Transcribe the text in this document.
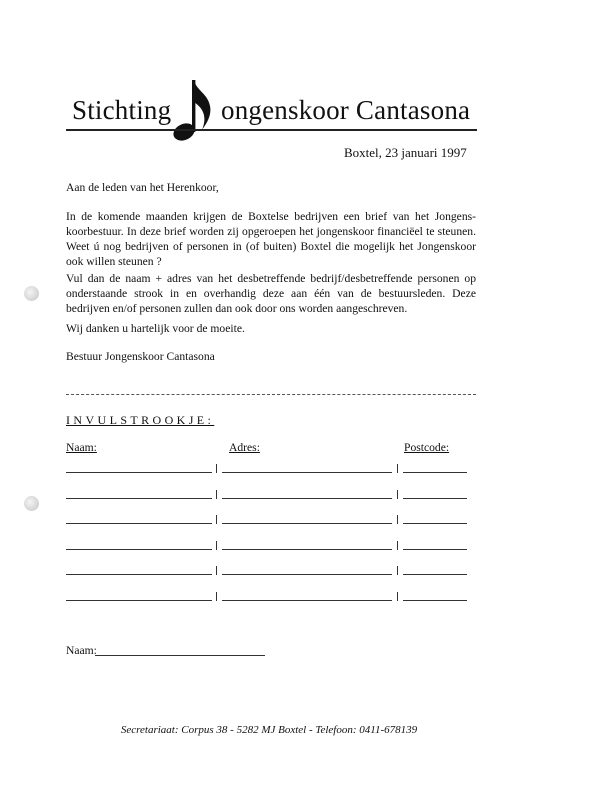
Stichting ongenskoor Cantasona
Boxtel, 23 januari 1997
Aan de leden van het Herenkoor,
In de komende maanden krijgen de Boxtelse bedrijven een brief van het Jongens-koorbestuur. In deze brief worden zij opgeroepen het jongenskoor financiëel te steunen. Weet ú nog bedrijven of personen in (of buiten) Boxtel die mogelijk het Jongenskoor ook willen steunen ?
Vul dan de naam + adres van het desbetreffende bedrijf/desbetreffende personen op onderstaande strook in en overhandig deze aan één van de bestuursleden. Deze bedrijven en/of personen zullen dan ook door ons worden aangeschreven.
Wij danken u hartelijk voor de moeite.
Bestuur Jongenskoor Cantasona
INVULSTROOKJE:
Naam:	Adres:	Postcode:
Naam:
Secretariaat: Corpus 38 - 5282 MJ Boxtel - Telefoon: 0411-678139
